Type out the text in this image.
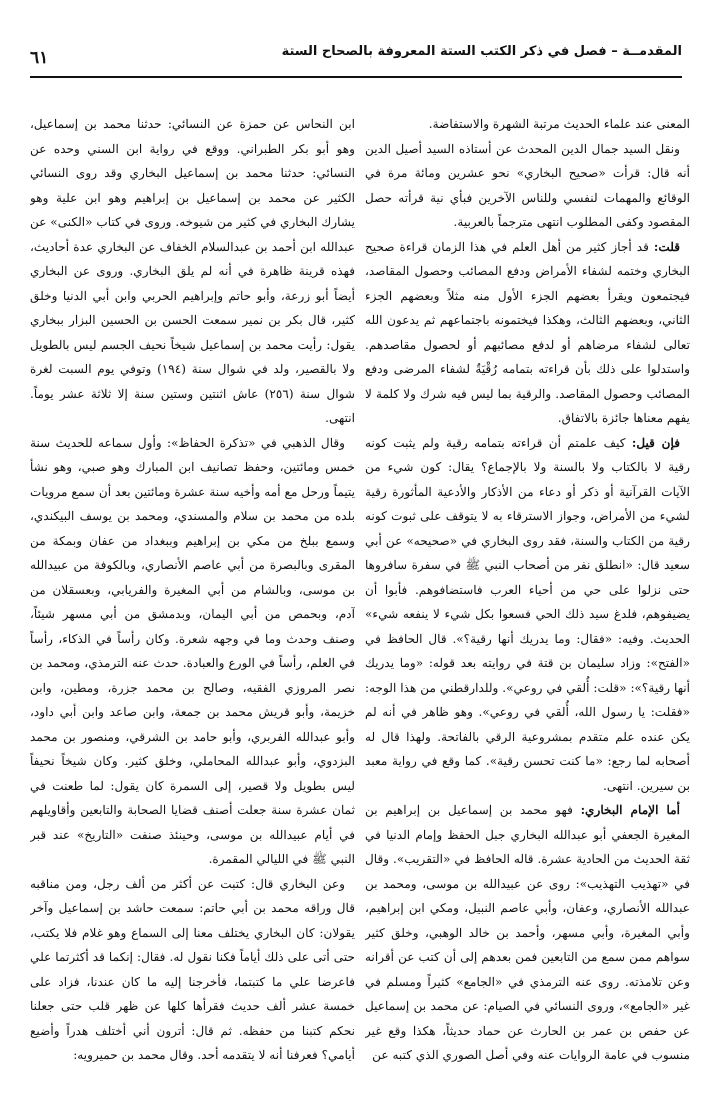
المقدمــة – فصل في ذكر الكتب الستة المعروفة بالصحاح الستة
٦١

المعنى عند علماء الحديث مرتبة الشهرة والاستفاضة.

ونقل السيد جمال الدين المحدث عن أستاذه السيد أصيل الدين أنه قال: قرأت «صحيح البخاري» نحو عشرين ومائة مرة في الوقائع والمهمات لنفسي وللناس الآخرين فبأي نية قرأته حصل المقصود وكفى المطلوب انتهى مترجماً بالعربية.

قلت: قد أجاز كثير من أهل العلم في هذا الزمان قراءة صحيح البخاري وختمه لشفاء الأمراض ودفع المصائب وحصول المقاصد، فيجتمعون ويقرأ بعضهم الجزء الأول منه مثلاً وبعضهم الجزء الثاني، وبعضهم الثالث، وهكذا فيختمونه باجتماعهم ثم يدعون الله تعالى لشفاء مرضاهم أو لدفع مصائبهم أو لحصول مقاصدهم. واستدلوا على ذلك بأن قراءته بتمامه رُقْيَةٌ لشفاء المرضى ودفع المصائب وحصول المقاصد. والرقية بما ليس فيه شرك ولا كلمة لا يفهم معناها جائزة بالاتفاق.

فإن قيل: كيف علمتم أن قراءته بتمامه رقية ولم يثبت كونه رقية لا بالكتاب ولا بالسنة ولا بالإجماع؟ يقال: كون شيء من الآيات القرآنية أو ذكر أو دعاء من الأذكار والأدعية المأثورة رقية لشيء من الأمراض، وجواز الاسترقاء به لا يتوقف على ثبوت كونه رقية من الكتاب والسنة، فقد روى البخاري في «صحيحه» عن أبي سعيد قال: «انطلق نفر من أصحاب النبي ﷺ في سفرة سافروها حتى نزلوا على حي من أحياء العرب فاستضافوهم. فأبوا أن يضيفوهم، فلدغ سيد ذلك الحي فسعوا بكل شيء لا ينفعه شيء» الحديث. وفيه: «فقال: وما يدريك أنها رقية؟». قال الحافظ في «الفتح»: وزاد سليمان بن قتة في روايته بعد قوله: «وما يدريك أنها رقية؟»: «قلت: أُلقي في روعي». وللدارقطني من هذا الوجه: «فقلت: يا رسول الله، أُلقي في روعي». وهو ظاهر في أنه لم يكن عنده علم متقدم بمشروعية الرقي بالفاتحة. ولهذا قال له أصحابه لما رجع: «ما كنت تحسن رقية». كما وقع في رواية معبد بن سيرين. انتهى.

أما الإمام البخاري: فهو محمد بن إسماعيل بن إبراهيم بن المغيرة الجعفي أبو عبدالله البخاري جبل الحفظ وإمام الدنيا في ثقة الحديث من الحادية عشرة. قاله الحافظ في «التقريب». وقال في «تهذيب التهذيب»: روى عن عبيدالله بن موسى، ومحمد بن عبدالله الأنصاري، وعفان، وأبي عاصم النبيل، ومكي ابن إبراهيم، وأبي المغيرة، وأبي مسهر، وأحمد بن خالد الوهبي، وخلق كثير سواهم ممن سمع من التابعين فمن بعدهم إلى أن كتب عن أقرانه وعن تلامذته. روى عنه الترمذي في «الجامع» كثيراً ومسلم في غير «الجامع»، وروى النسائي في الصيام: عن محمد بن إسماعيل عن حفص بن عمر بن الحارث عن حماد حديثاً، هكذا وقع غير منسوب في عامة الروايات عنه وفي أصل الصوري الذي كتبه عن

ابن النحاس عن حمزة عن النسائي: حدثنا محمد بن إسماعيل، وهو أبو بكر الطبراني. ووقع في رواية ابن السني وحده عن النسائي: حدثنا محمد بن إسماعيل البخاري وقد روى النسائي الكثير عن محمد بن إسماعيل بن إبراهيم وهو ابن علية وهو يشارك البخاري في كثير من شيوخه. وروى في كتاب «الكنى» عن عبدالله ابن أحمد بن عبدالسلام الخفاف عن البخاري عدة أحاديث، فهذه قرينة ظاهرة في أنه لم يلق البخاري. وروى عن البخاري أيضاً أبو زرعة، وأبو حاتم وإبراهيم الحربي وابن أبي الدنيا وخلق كثير، قال بكر بن نمير سمعت الحسن بن الحسين البزار ببخاري يقول: رأيت محمد بن إسماعيل شيخاً نحيف الجسم ليس بالطويل ولا بالقصير، ولد في شوال سنة (١٩٤) وتوفي يوم السبت لغرة شوال سنة (٢٥٦) عاش اثنتين وستين سنة إلا ثلاثة عشر يوماً. انتهى.

وقال الذهبي في «تذكرة الحفاظ»: وأول سماعه للحديث سنة خمس ومائتين، وحفظ تصانيف ابن المبارك وهو صبي، وهو نشأ يتيماً ورحل مع أمه وأخيه سنة عشرة ومائتين بعد أن سمع مرويات بلده من محمد بن سلام والمسندي، ومحمد بن يوسف البيكندي، وسمع ببلخ من مكي بن إبراهيم وببغداد من عفان وبمكة من المقرى وبالبصرة من أبي عاصم الأنصاري، وبالكوفة من عبيدالله بن موسى، وبالشام من أبي المغيرة والفريابي، وبعسقلان من آدم، وبحمص من أبي اليمان، وبدمشق من أبي مسهر شيئاً، وصنف وحدث وما في وجهه شعرة. وكان رأساً في الذكاء، رأساً في العلم، رأساً في الورع والعبادة. حدث عنه الترمذي، ومحمد بن نصر المروزي الفقيه، وصالح بن محمد جزرة، ومطين، وابن خزيمة، وأبو قريش محمد بن جمعة، وابن صاعد وابن أبي داود، وأبو عبدالله الفربري، وأبو حامد بن الشرقي، ومنصور بن محمد البزدوي، وأبو عبدالله المحاملي، وخلق كثير. وكان شيخاً نحيفاً ليس بطويل ولا قصير، إلى السمرة كان يقول: لما طعنت في ثمان عشرة سنة جعلت أصنف قضايا الصحابة والتابعين وأقاويلهم في أيام عبيدالله بن موسى، وحينئذ صنفت «التاريخ» عند قبر النبي ﷺ في الليالي المقمرة.

وعن البخاري قال: كتبت عن أكثر من ألف رجل، ومن مناقبه قال وراقه محمد بن أبي حاتم: سمعت حاشد بن إسماعيل وآخر يقولان: كان البخاري يختلف معنا إلى السماع وهو غلام فلا يكتب، حتى أتى على ذلك أياماً فكنا نقول له. فقال: إنكما قد أكثرتما علي فاعرضا علي ما كتبتما، فأخرجنا إليه ما كان عندنا، فزاد على خمسة عشر ألف حديث فقرأها كلها عن ظهر قلب حتى جعلنا نحكم كتبنا من حفظه. ثم قال: أترون أني أختلف هدراً وأضيع أيامي؟ فعرفنا أنه لا يتقدمه أحد. وقال محمد بن حميرويه:
